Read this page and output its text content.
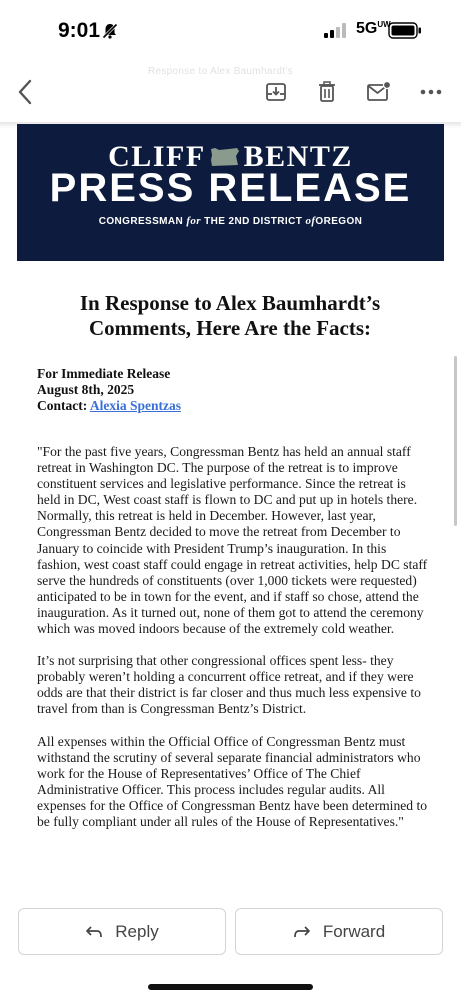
9:01	$5G^{UW}$
Response to Alex Baumhardt's
CLIFF BENTZ
PRESS RELEASE
CONGRESSMAN for THE 2ND DISTRICT ofOREGON
In Response to Alex Baumhardt’s
Comments, Here Are the Facts:
For Immediate Release
August 8th, 2025
Contact: Alexia Spentzas

"For the past five years, Congressman Bentz has held an annual staff retreat in Washington DC. The purpose of the retreat is to improve constituent services and legislative performance. Since the retreat is held in DC, West coast staff is flown to DC and put up in hotels there. Normally, this retreat is held in December. However, last year, Congressman Bentz decided to move the retreat from December to January to coincide with President Trump’s inauguration. In this fashion, west coast staff could engage in retreat activities, help DC staff serve the hundreds of constituents (over 1,000 tickets were requested) anticipated to be in town for the event, and if staff so chose, attend the inauguration. As it turned out, none of them got to attend the ceremony which was moved indoors because of the extremely cold weather.

It’s not surprising that other congressional offices spent less- they probably weren’t holding a concurrent office retreat, and if they were odds are that their district is far closer and thus much less expensive to travel from than is Congressman Bentz’s District.

All expenses within the Official Office of Congressman Bentz must withstand the scrutiny of several separate financial administrators who work for the House of Representatives’ Office of The Chief Administrative Officer. This process includes regular audits. All expenses for the Office of Congressman Bentz have been determined to be fully compliant under all rules of the House of Representatives."

Reply	Forward
